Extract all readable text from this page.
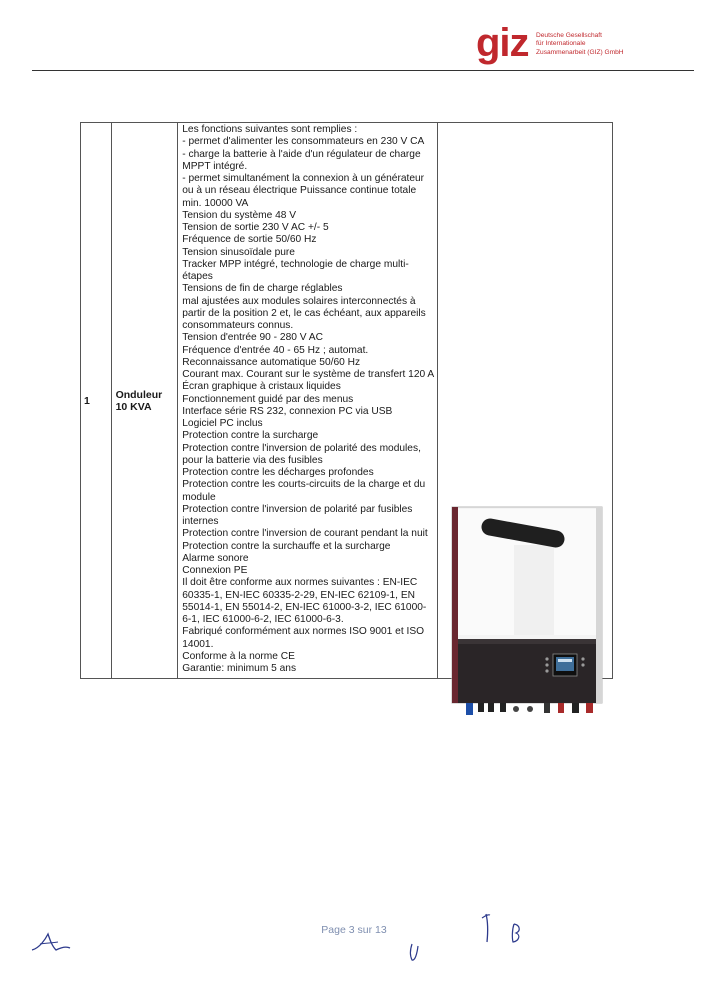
giz Deutsche Gesellschaft
für Internationale
Zusammenarbeit (GIZ) GmbH
1	Onduleur
10 KVA

Les fonctions suivantes sont remplies :
- permet d'alimenter les consommateurs en 230 V CA
- charge la batterie à l'aide d'un régulateur de charge MPPT intégré.
- permet simultanément la connexion à un générateur ou à un réseau électrique Puissance continue totale min. 10000 VA
Tension du système 48 V
Tension de sortie 230 V AC +/- 5
Fréquence de sortie 50/60 Hz
Tension sinusoïdale pure
Tracker MPP intégré, technologie de charge multi-étapes
Tensions de fin de charge réglables
mal ajustées aux modules solaires interconnectés à partir de la position 2 et, le cas échéant, aux appareils consommateurs connus.
Tension d'entrée 90 - 280 V AC
Fréquence d'entrée 40 - 65 Hz ; automat.
Reconnaissance automatique 50/60 Hz
Courant max. Courant sur le système de transfert 120 A
Écran graphique à cristaux liquides
Fonctionnement guidé par des menus
Interface série RS 232, connexion PC via USB
Logiciel PC inclus
Protection contre la surcharge
Protection contre l'inversion de polarité des modules, pour la batterie via des fusibles
Protection contre les décharges profondes
Protection contre les courts-circuits de la charge et du module
Protection contre l'inversion de polarité par fusibles internes
Protection contre l'inversion de courant pendant la nuit
Protection contre la surchauffe et la surcharge
Alarme sonore
Connexion PE
Il doit être conforme aux normes suivantes : EN-IEC 60335-1, EN-IEC 60335-2-29, EN-IEC 62109-1, EN 55014-1, EN 55014-2, EN-IEC 61000-3-2, IEC 61000-6-1, IEC 61000-6-2, IEC 61000-6-3.
Fabriqué conformément aux normes ISO 9001 et ISO 14001.
Conforme à la norme CE
Garantie: minimum 5 ans

Page 3 sur 13
